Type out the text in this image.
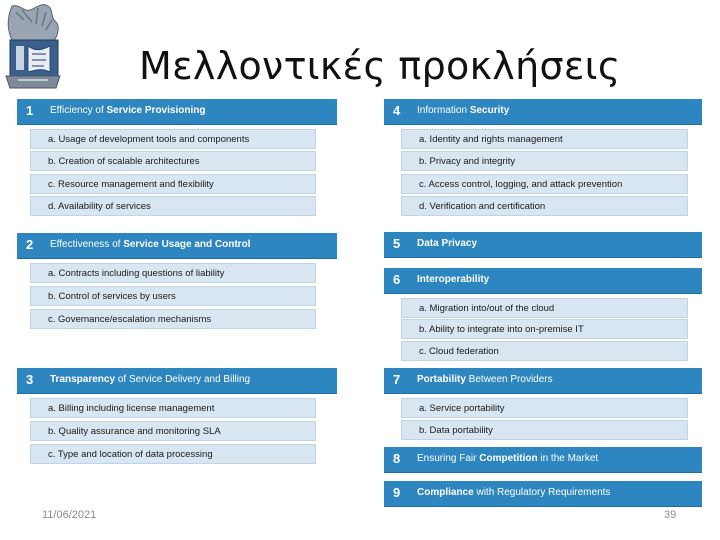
Μελλοντικές προκλήσεις
1 Efficiency of Service Provisioning
a. Usage of development tools and components
b. Creation of scalable architectures
c. Resource management and flexibility
d. Availability of services
2 Effectiveness of Service Usage and Control
a. Contracts including questions of liability
b. Control of services by users
c. Governance/escalation mechanisms
3 Transparency of Service Delivery and Billing
a. Billing including license management
b. Quality assurance and monitoring SLA
c. Type and location of data processing
4 Information Security
a. Identity and rights management
b. Privacy and integrity
c. Access control, logging, and attack prevention
d. Verification and certification
5 Data Privacy
6 Interoperability
a. Migration into/out of the cloud
b. Ability to integrate into on-premise IT
c. Cloud federation
7 Portability Between Providers
a. Service portability
b. Data portability
8 Ensuring Fair Competition in the Market
9 Compliance with Regulatory Requirements
11/06/2021	39
